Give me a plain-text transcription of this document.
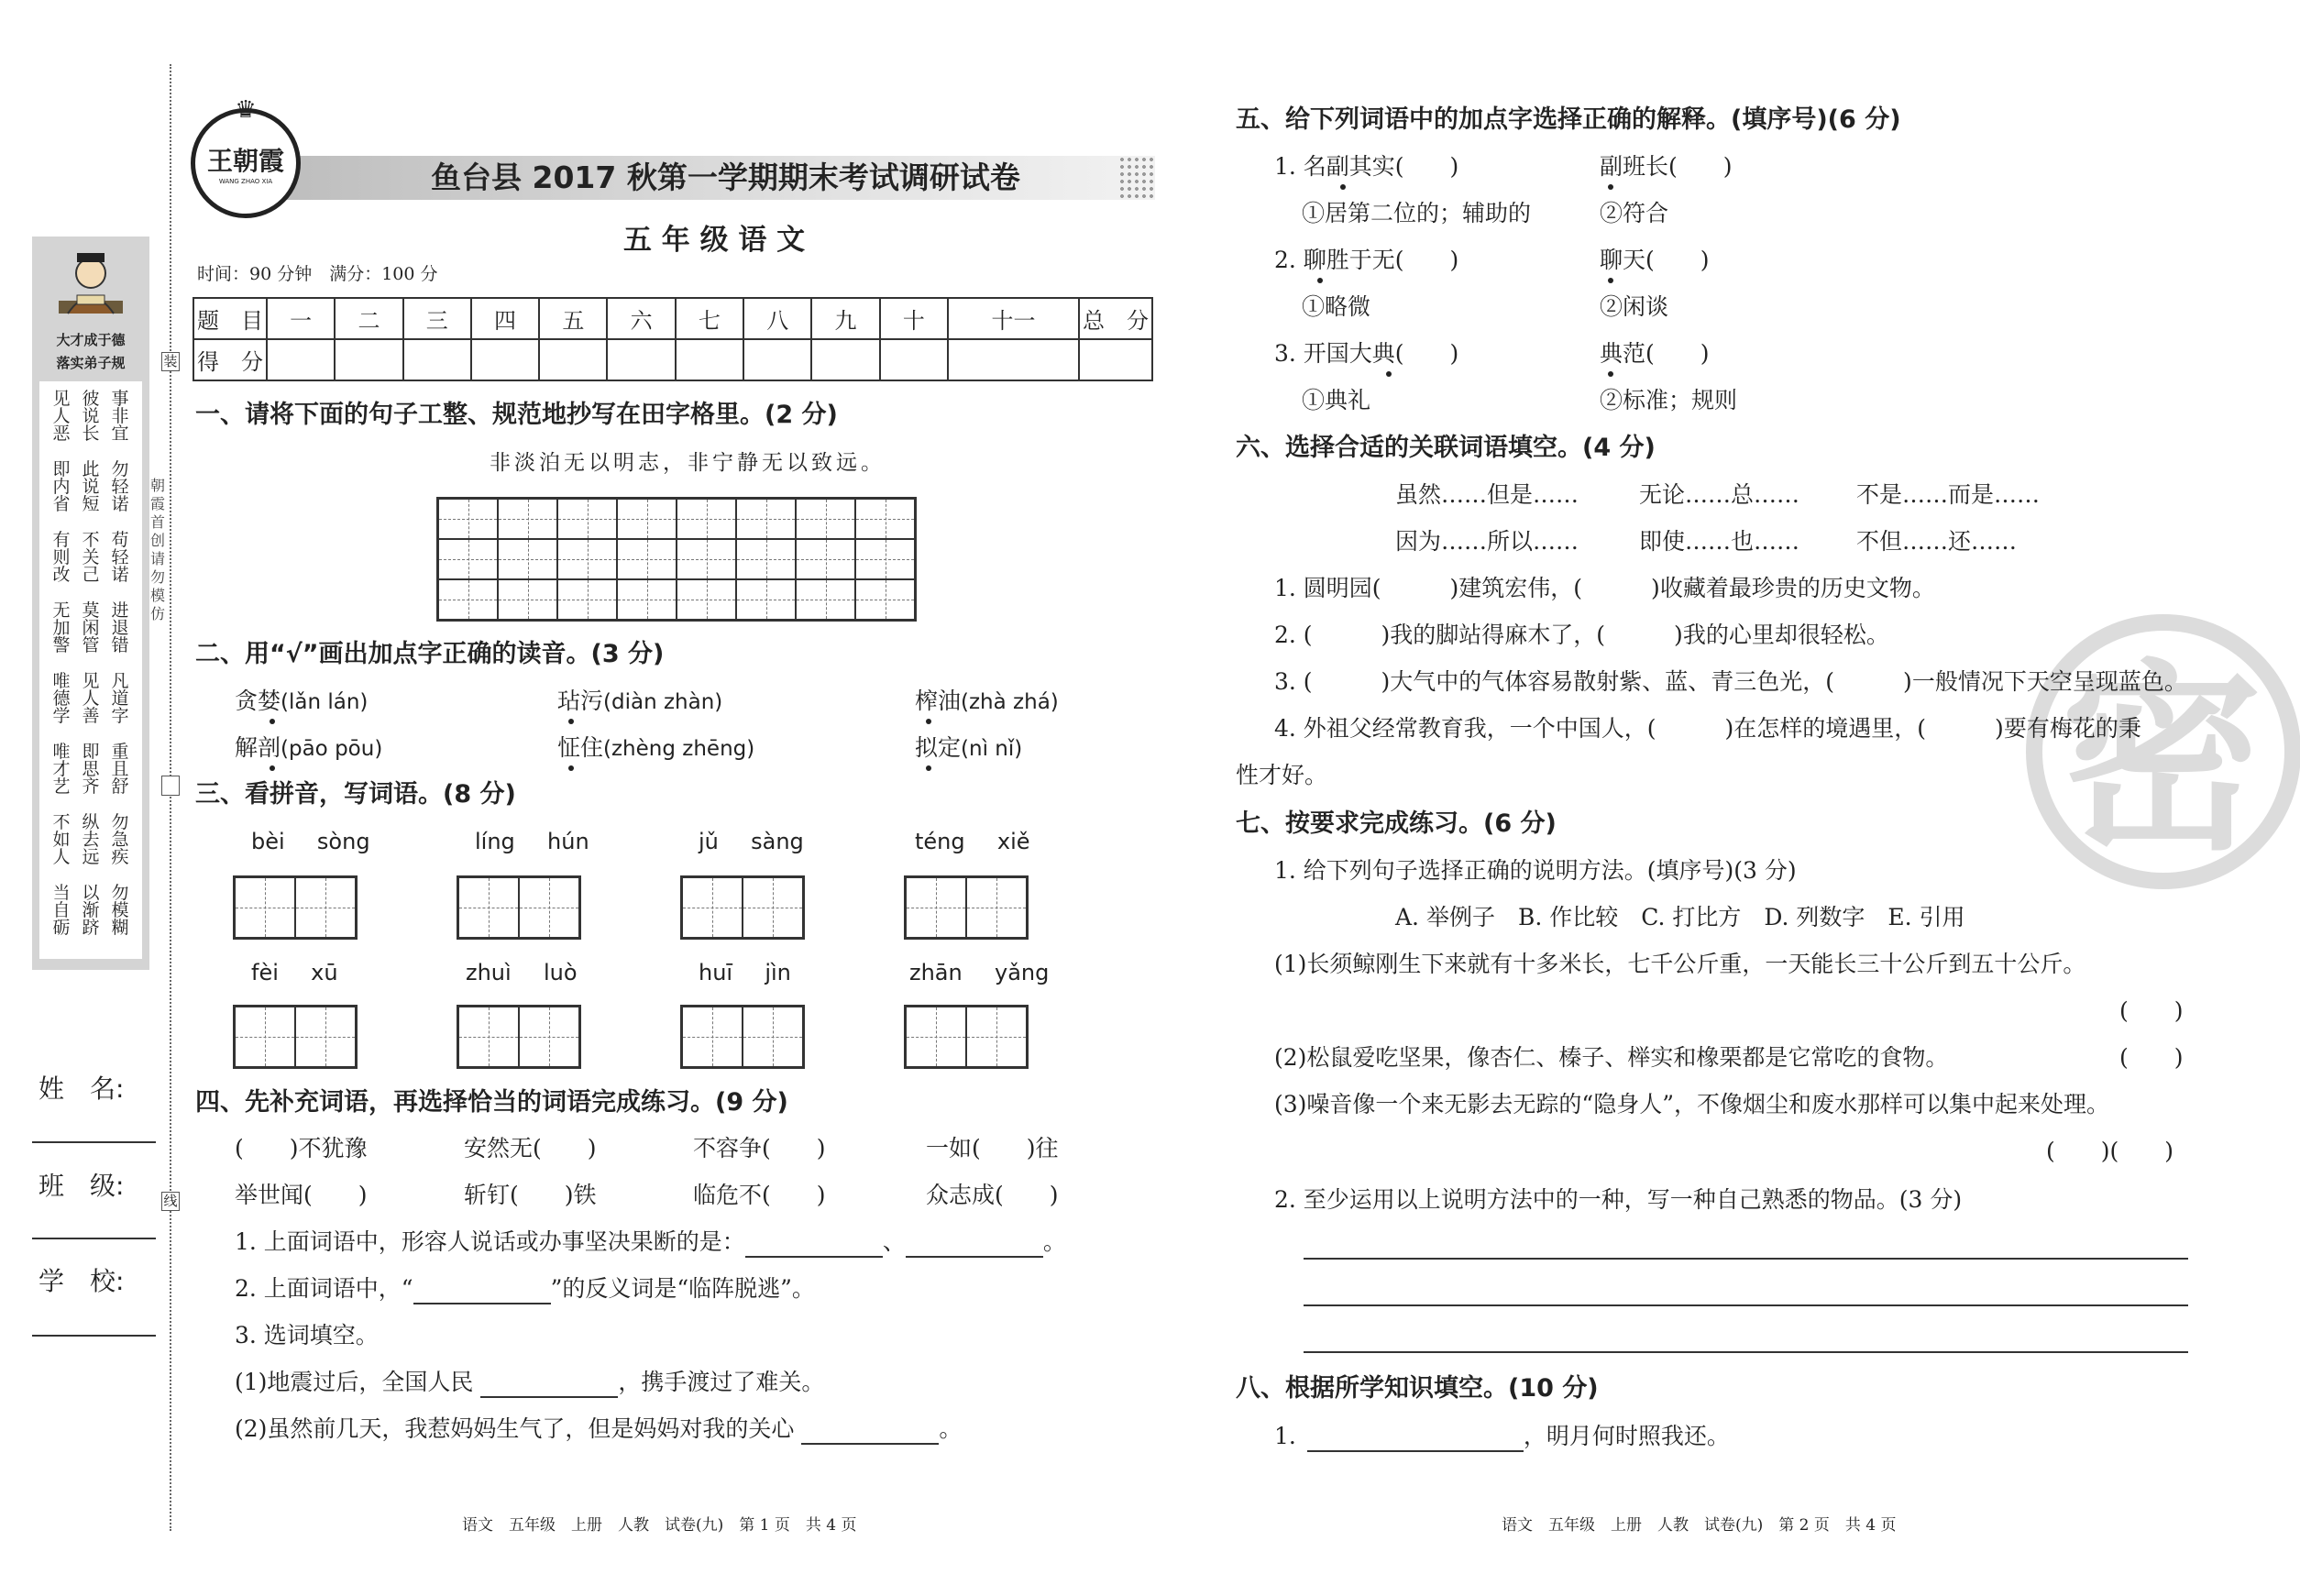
密
装
线
朝霞首创　请勿模仿
大才成于德
落实弟子规
见人恶
彼说长
事非宜
即内省
此说短
勿轻诺
有则改
不关己
苟轻诺
无加警
莫闲管
进退错
唯德学
见人善
凡道字
唯才艺
即思齐
重且舒
不如人
纵去远
勿急疾
当自砺
以渐跻
勿模糊
姓　名:
班　级:
学　校:
♛
王朝霞
WANG ZHAO XIA	鱼台县 2017 秋第一学期期末考试调研试卷
五 年 级 语 文
时间：90 分钟　满分：100 分
题　目	一	二	三	四	五	六	七	八	九	十	十一	总　分
得　分												
一、请将下面的句子工整、规范地抄写在田字格里。(2 分)
非淡泊无以明志，非宁静无以致远。
二、用“√”画出加点字正确的读音。(3 分)
贪婪(lǎn lán)	玷污(diàn zhàn)	榨油(zhà zhá)
解剖(pāo pōu)	怔住(zhèng zhēng)	拟定(nì nǐ)
三、看拼音，写词语。(8 分)
bèi  sòng	líng  hún	jǔ  sàng	téng  xiě
fèi  xū	zhuì  luò	huī  jìn	zhān  yǎng
四、先补充词语，再选择恰当的词语完成练习。(9 分)
(　　)不犹豫	安然无(　　)	不容争(　　)	一如(　　)往
举世闻(　　)	斩钉(　　)铁	临危不(　　)	众志成(　　)
1. 上面词语中，形容人说话或办事坚决果断的是：	、	。
2. 上面词语中，“	”的反义词是“临阵脱逃”。
3. 选词填空。
(1)地震过后，全国人民	，携手渡过了难关。
(2)虽然前几天，我惹妈妈生气了，但是妈妈对我的关心	。
语文　五年级　上册　人教　试卷(九)　第 1 页　共 4 页
五、给下列词语中的加点字选择正确的解释。(填序号)(6 分)
1. 名副其实(　　)	副班长(　　)
①居第二位的；辅助的	②符合
2. 聊胜于无(　　)	聊天(　　)
①略微	②闲谈
3. 开国大典(　　)	典范(　　)
①典礼	②标准；规则
六、选择合适的关联词语填空。(4 分)
虽然……但是……	无论……总…… 不是……而是……
因为……所以……	即使……也…… 不但……还……
1. 圆明园(　　　)建筑宏伟，(　　　)收藏着最珍贵的历史文物。
2. (　　　)我的脚站得麻木了，(　　　)我的心里却很轻松。
3. (　　　)大气中的气体容易散射紫、蓝、青三色光，(　　　)一般情况下天空呈现蓝色。
4. 外祖父经常教育我，一个中国人，(　　　)在怎样的境遇里，(　　　)要有梅花的秉
性才好。
七、按要求完成练习。(6 分)
1. 给下列句子选择正确的说明方法。(填序号)(3 分)
A. 举例子　B. 作比较　C. 打比方　D. 列数字　E. 引用
(1)长须鲸刚生下来就有十多米长，七千公斤重，一天能长三十公斤到五十公斤。
(　　)
(2)松鼠爱吃坚果，像杏仁、榛子、榉实和橡栗都是它常吃的食物。	(　　)
(3)噪音像一个来无影去无踪的“隐身人”，不像烟尘和废水那样可以集中起来处理。
(　　)(　　)
2. 至少运用以上说明方法中的一种，写一种自己熟悉的物品。(3 分)
八、根据所学知识填空。(10 分)
1.	，明月何时照我还。
语文　五年级　上册　人教　试卷(九)　第 2 页　共 4 页
